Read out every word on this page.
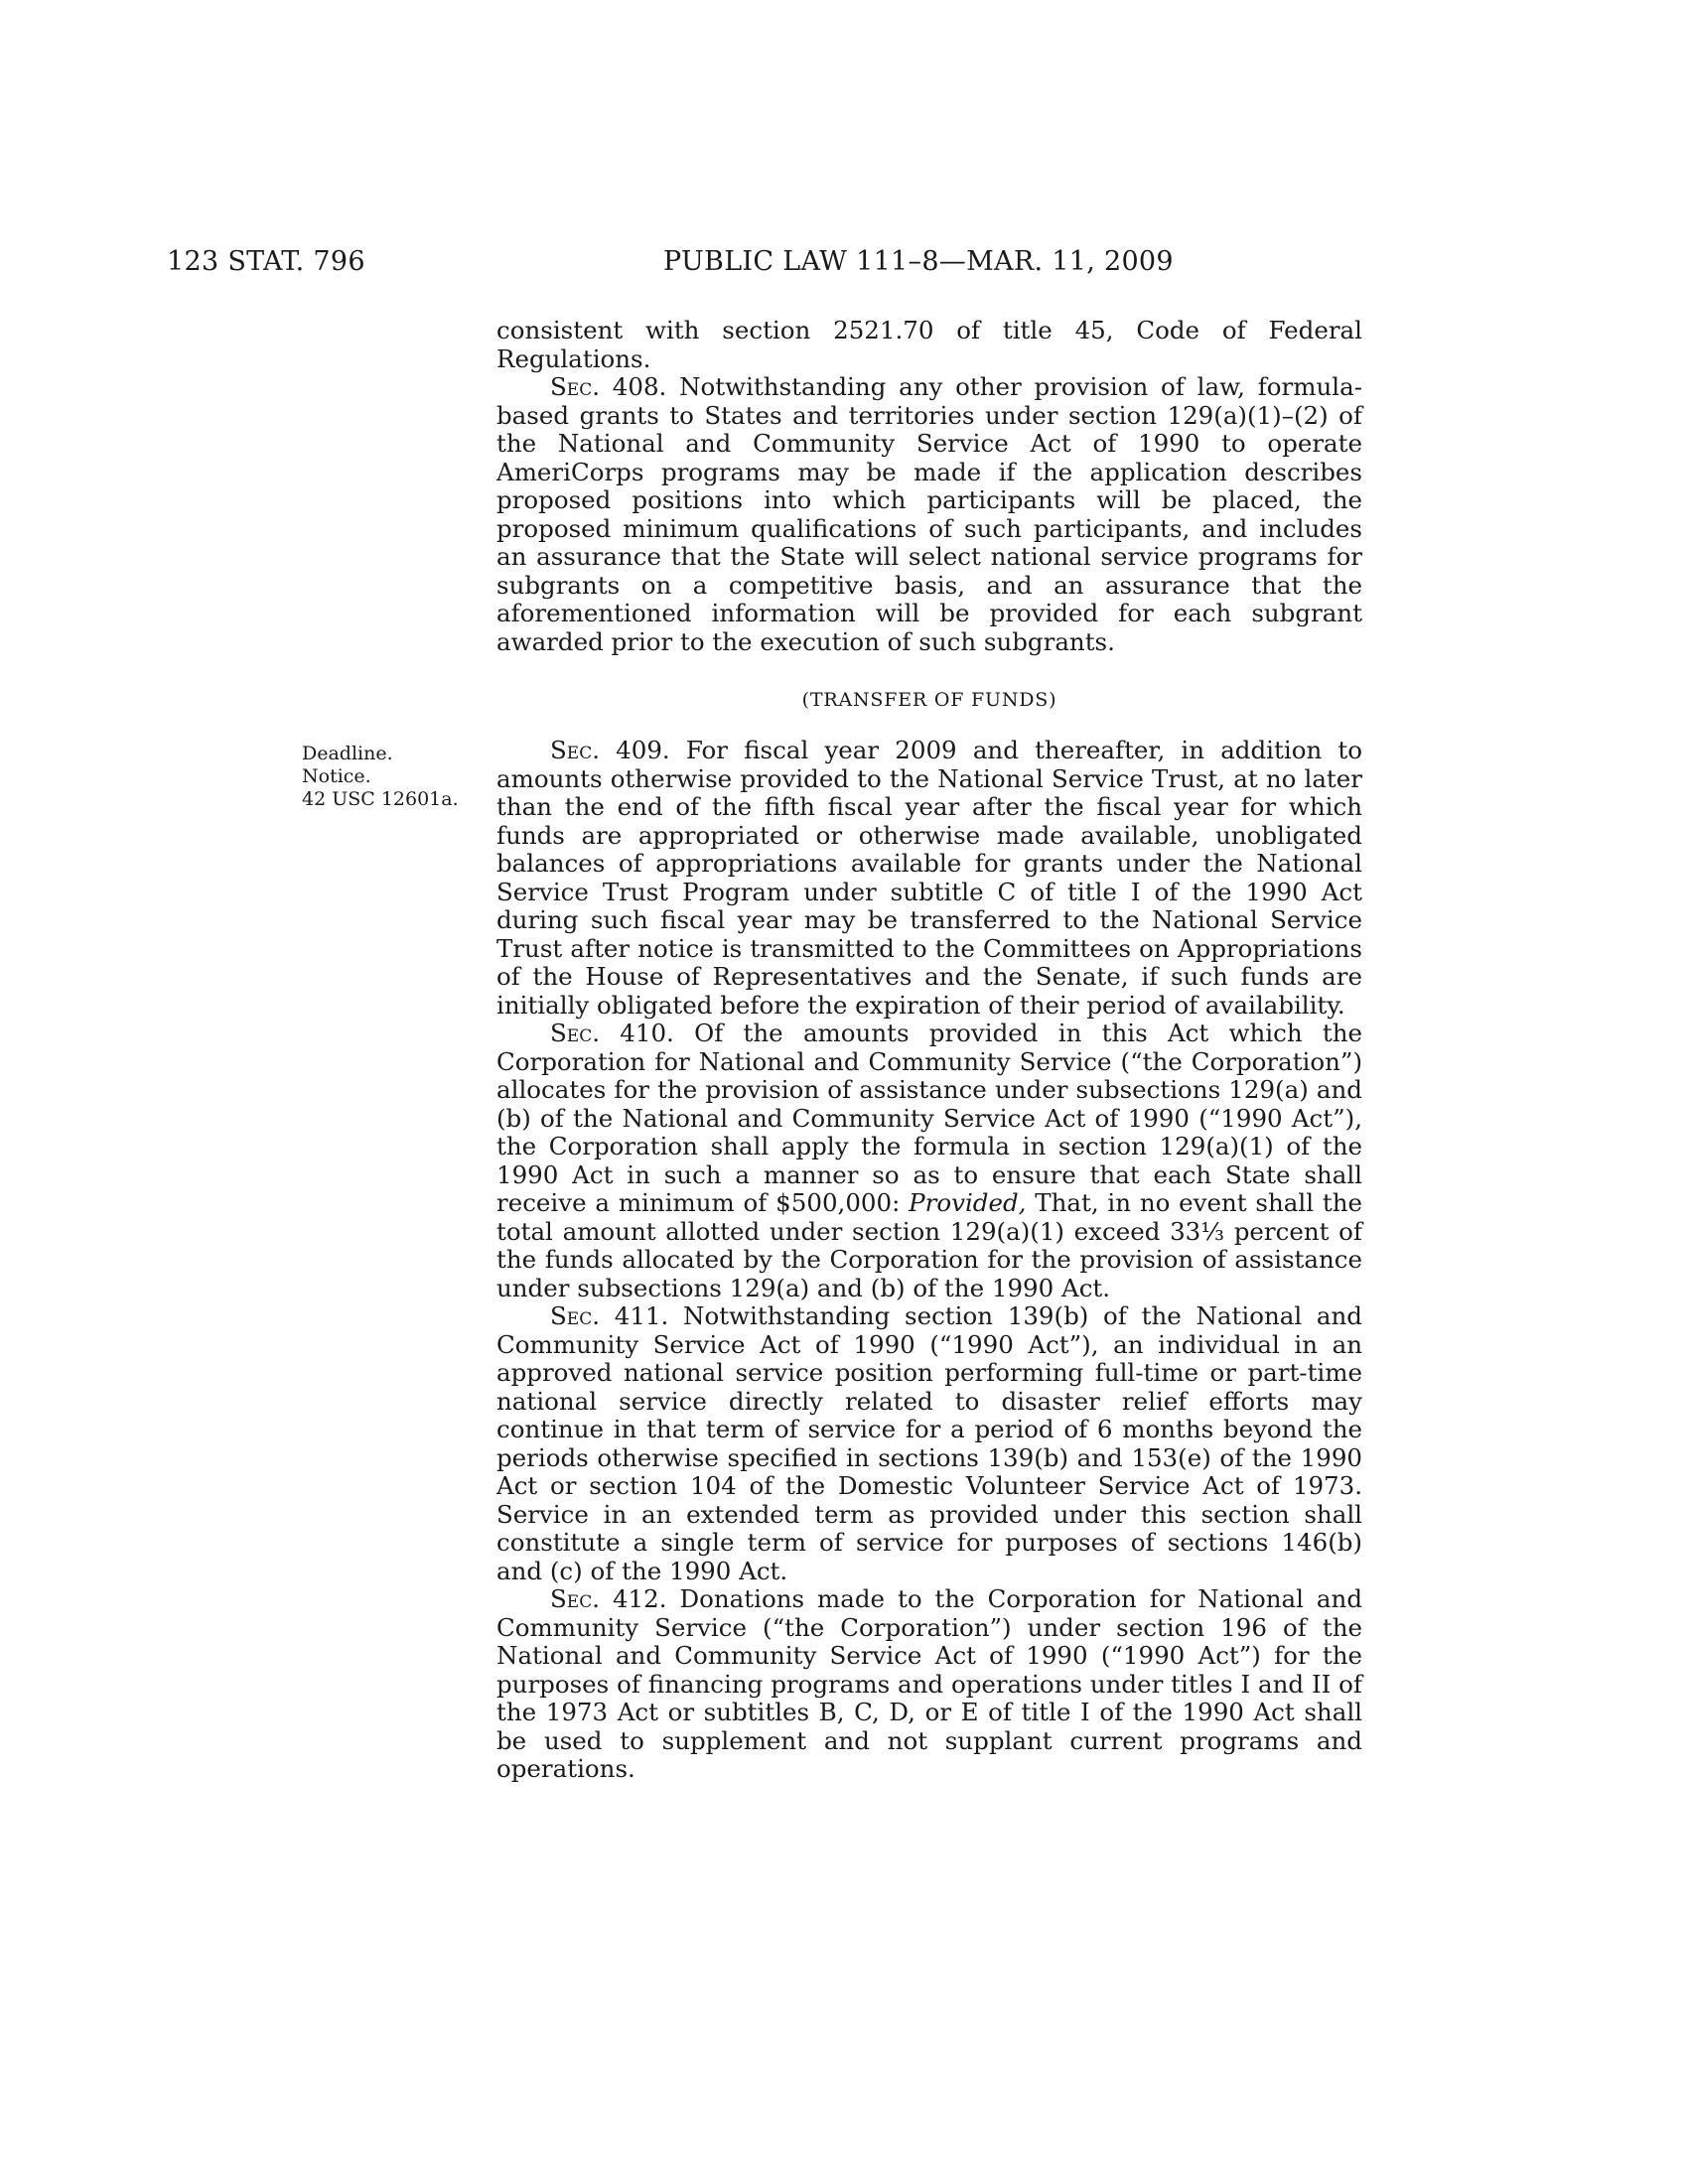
123 STAT. 796	PUBLIC LAW 111–8—MAR. 11, 2009

consistent with section 2521.70 of title 45, Code of Federal Regulations.

Sec. 408. Notwithstanding any other provision of law, formula-based grants to States and territories under section 129(a)(1)–(2) of the National and Community Service Act of 1990 to operate AmeriCorps programs may be made if the application describes proposed positions into which participants will be placed, the proposed minimum qualifications of such participants, and includes an assurance that the State will select national service programs for subgrants on a competitive basis, and an assurance that the aforementioned information will be provided for each subgrant awarded prior to the execution of such subgrants.

(TRANSFER OF FUNDS)
Deadline.
Notice.
42 USC 12601a.

Sec. 409. For fiscal year 2009 and thereafter, in addition to amounts otherwise provided to the National Service Trust, at no later than the end of the fifth fiscal year after the fiscal year for which funds are appropriated or otherwise made available, unobligated balances of appropriations available for grants under the National Service Trust Program under subtitle C of title I of the 1990 Act during such fiscal year may be transferred to the National Service Trust after notice is transmitted to the Committees on Appropriations of the House of Representatives and the Senate, if such funds are initially obligated before the expiration of their period of availability.

Sec. 410. Of the amounts provided in this Act which the Corporation for National and Community Service (“the Corporation”) allocates for the provision of assistance under subsections 129(a) and (b) of the National and Community Service Act of 1990 (“1990 Act”), the Corporation shall apply the formula in section 129(a)(1) of the 1990 Act in such a manner so as to ensure that each State shall receive a minimum of $500,000: Provided, That, in no event shall the total amount allotted under section 129(a)(1) exceed 33⅓ percent of the funds allocated by the Corporation for the provision of assistance under subsections 129(a) and (b) of the 1990 Act.

Sec. 411. Notwithstanding section 139(b) of the National and Community Service Act of 1990 (“1990 Act”), an individual in an approved national service position performing full-time or part-time national service directly related to disaster relief efforts may continue in that term of service for a period of 6 months beyond the periods otherwise specified in sections 139(b) and 153(e) of the 1990 Act or section 104 of the Domestic Volunteer Service Act of 1973. Service in an extended term as provided under this section shall constitute a single term of service for purposes of sections 146(b) and (c) of the 1990 Act.

Sec. 412. Donations made to the Corporation for National and Community Service (“the Corporation”) under section 196 of the National and Community Service Act of 1990 (“1990 Act”) for the purposes of financing programs and operations under titles I and II of the 1973 Act or subtitles B, C, D, or E of title I of the 1990 Act shall be used to supplement and not supplant current programs and operations.
